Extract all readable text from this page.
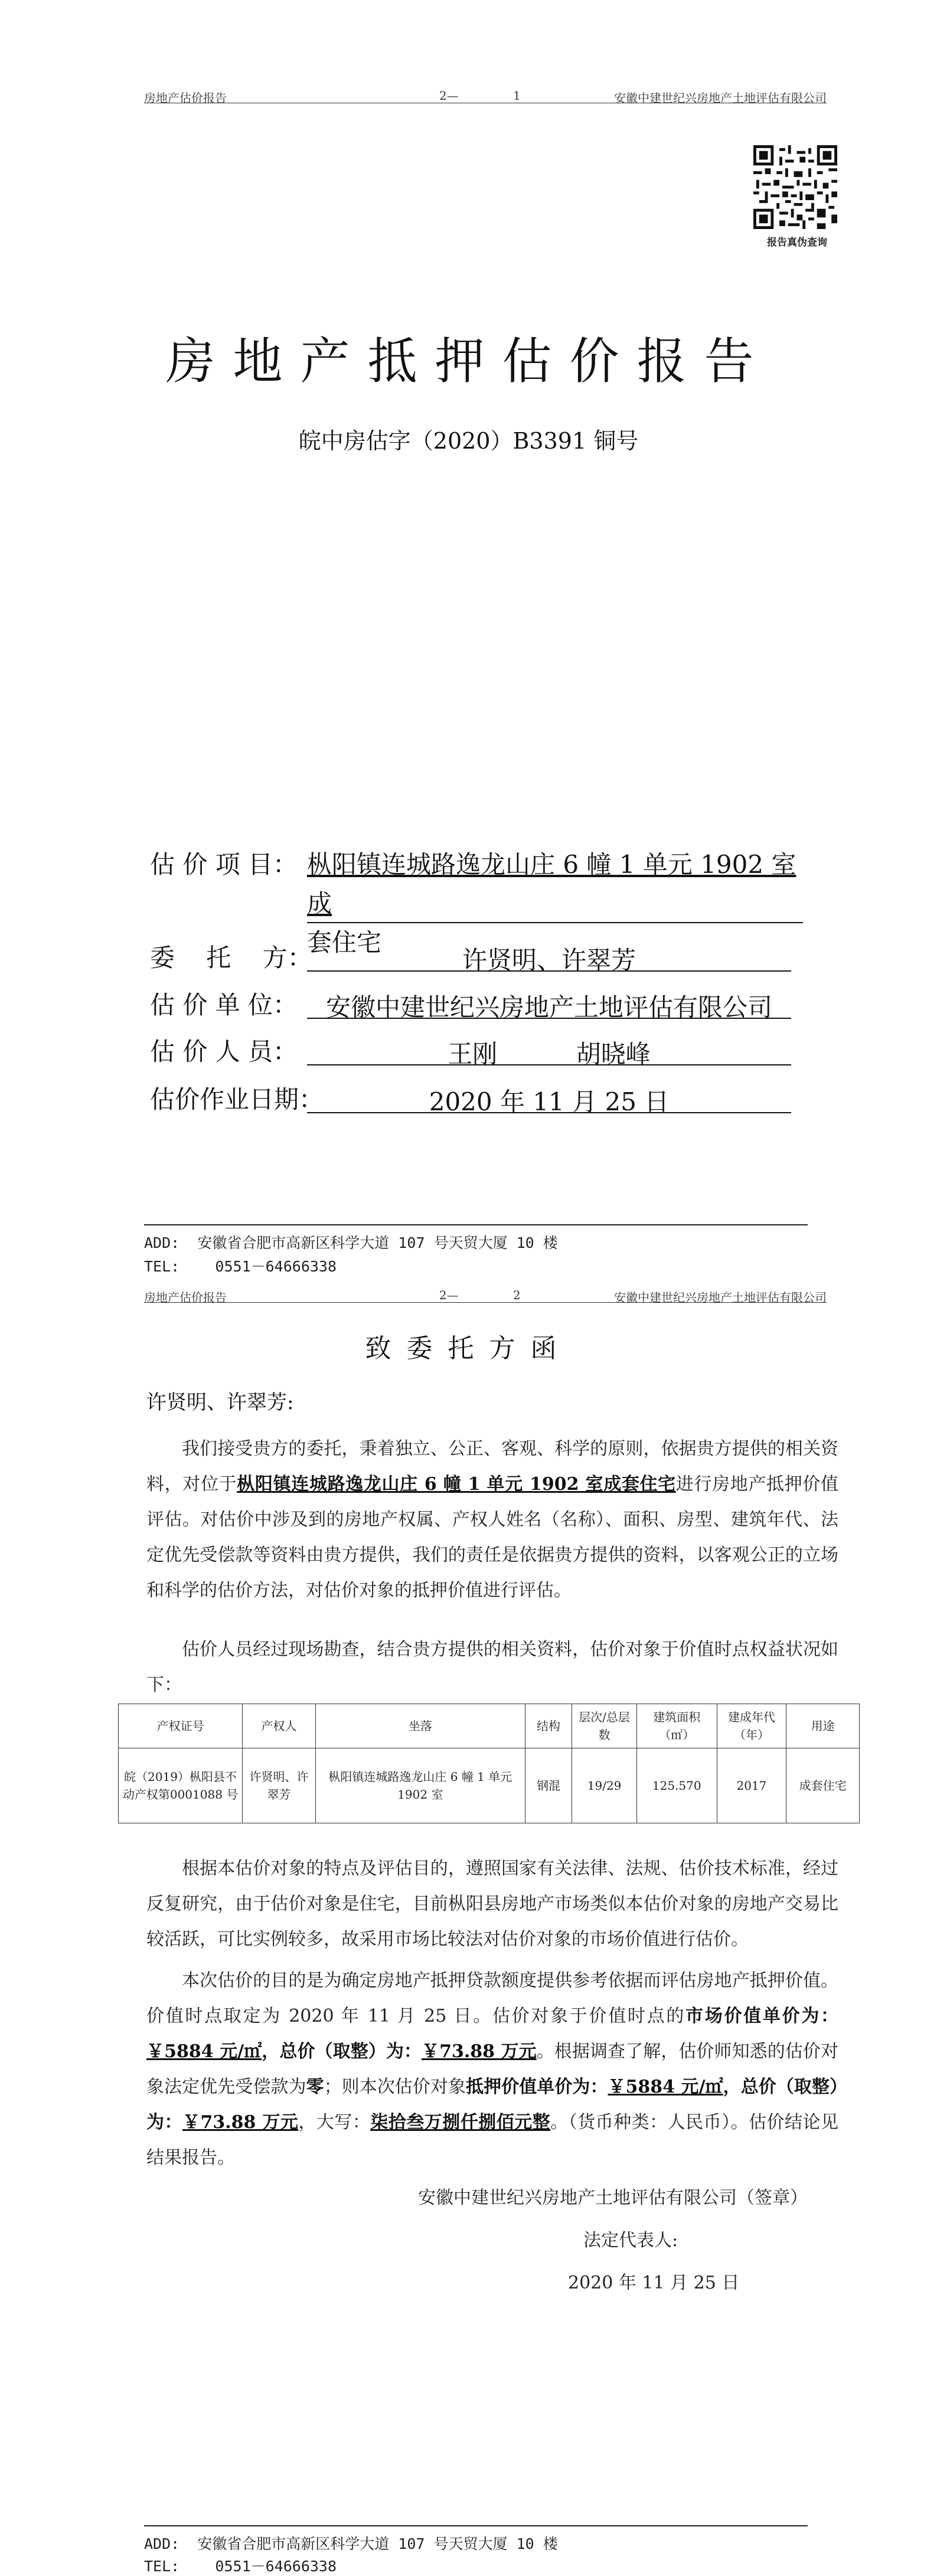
房地产估价报告	2—	1	安徽中建世纪兴房地产土地评估有限公司
报告真伪查询
房地产抵押估价报告
皖中房估字（2020）B3391 铜号
估 价 项 目： 枞阳镇连城路逸龙山庄 6 幢 1 单元 1902 室成
套住宅
委    托    方：	许贤明、许翠芳
估 价 单 位：	安徽中建世纪兴房地产土地评估有限公司
估 价 人 员：	王刚          胡晓峰
估价作业日期：	2020 年 11 月 25 日
ADD:  安徽省合肥市高新区科学大道 107 号天贸大厦 10 楼
TEL:    0551－64666338
房地产估价报告	2—	2	安徽中建世纪兴房地产土地评估有限公司
致委托方函
许贤明、许翠芳:
我们接受贵方的委托，秉着独立、公正、客观、科学的原则，依据贵方提供的相关资料，对位于枞阳镇连城路逸龙山庄 6 幢 1 单元 1902 室成套住宅进行房地产抵押价值评估。对估价中涉及到的房地产权属、产权人姓名（名称）、面积、房型、建筑年代、法定优先受偿款等资料由贵方提供，我们的责任是依据贵方提供的资料，以客观公正的立场和科学的估价方法，对估价对象的抵押价值进行评估。
估价人员经过现场勘查，结合贵方提供的相关资料，估价对象于价值时点权益状况如下：
产权证号	产权人	坐落	结构	层次/总层数	建筑面积（㎡）	建成年代（年）	用途
皖（2019）枞阳县不动产权第0001088 号	许贤明、许翠芳	枞阳镇连城路逸龙山庄 6 幢 1 单元 1902 室	钢混	19/29	125.570	2017	成套住宅
根据本估价对象的特点及评估目的，遵照国家有关法律、法规、估价技术标准，经过反复研究，由于估价对象是住宅，目前枞阳县房地产市场类似本估价对象的房地产交易比较活跃，可比实例较多，故采用市场比较法对估价对象的市场价值进行估价。
本次估价的目的是为确定房地产抵押贷款额度提供参考依据而评估房地产抵押价值。价值时点取定为 2020 年 11 月 25 日。估价对象于价值时点的市场价值单价为：￥5884 元/㎡，总价（取整）为：￥73.88 万元。根据调查了解，估价师知悉的估价对象法定优先受偿款为零；则本次估价对象抵押价值单价为：￥5884 元/㎡，总价（取整）为：￥73.88 万元，大写：柒拾叁万捌仟捌佰元整。（货币种类：人民币）。估价结论见结果报告。
安徽中建世纪兴房地产土地评估有限公司（签章）
法定代表人:
2020 年 11 月 25 日
ADD:  安徽省合肥市高新区科学大道 107 号天贸大厦 10 楼
TEL:    0551－64666338
